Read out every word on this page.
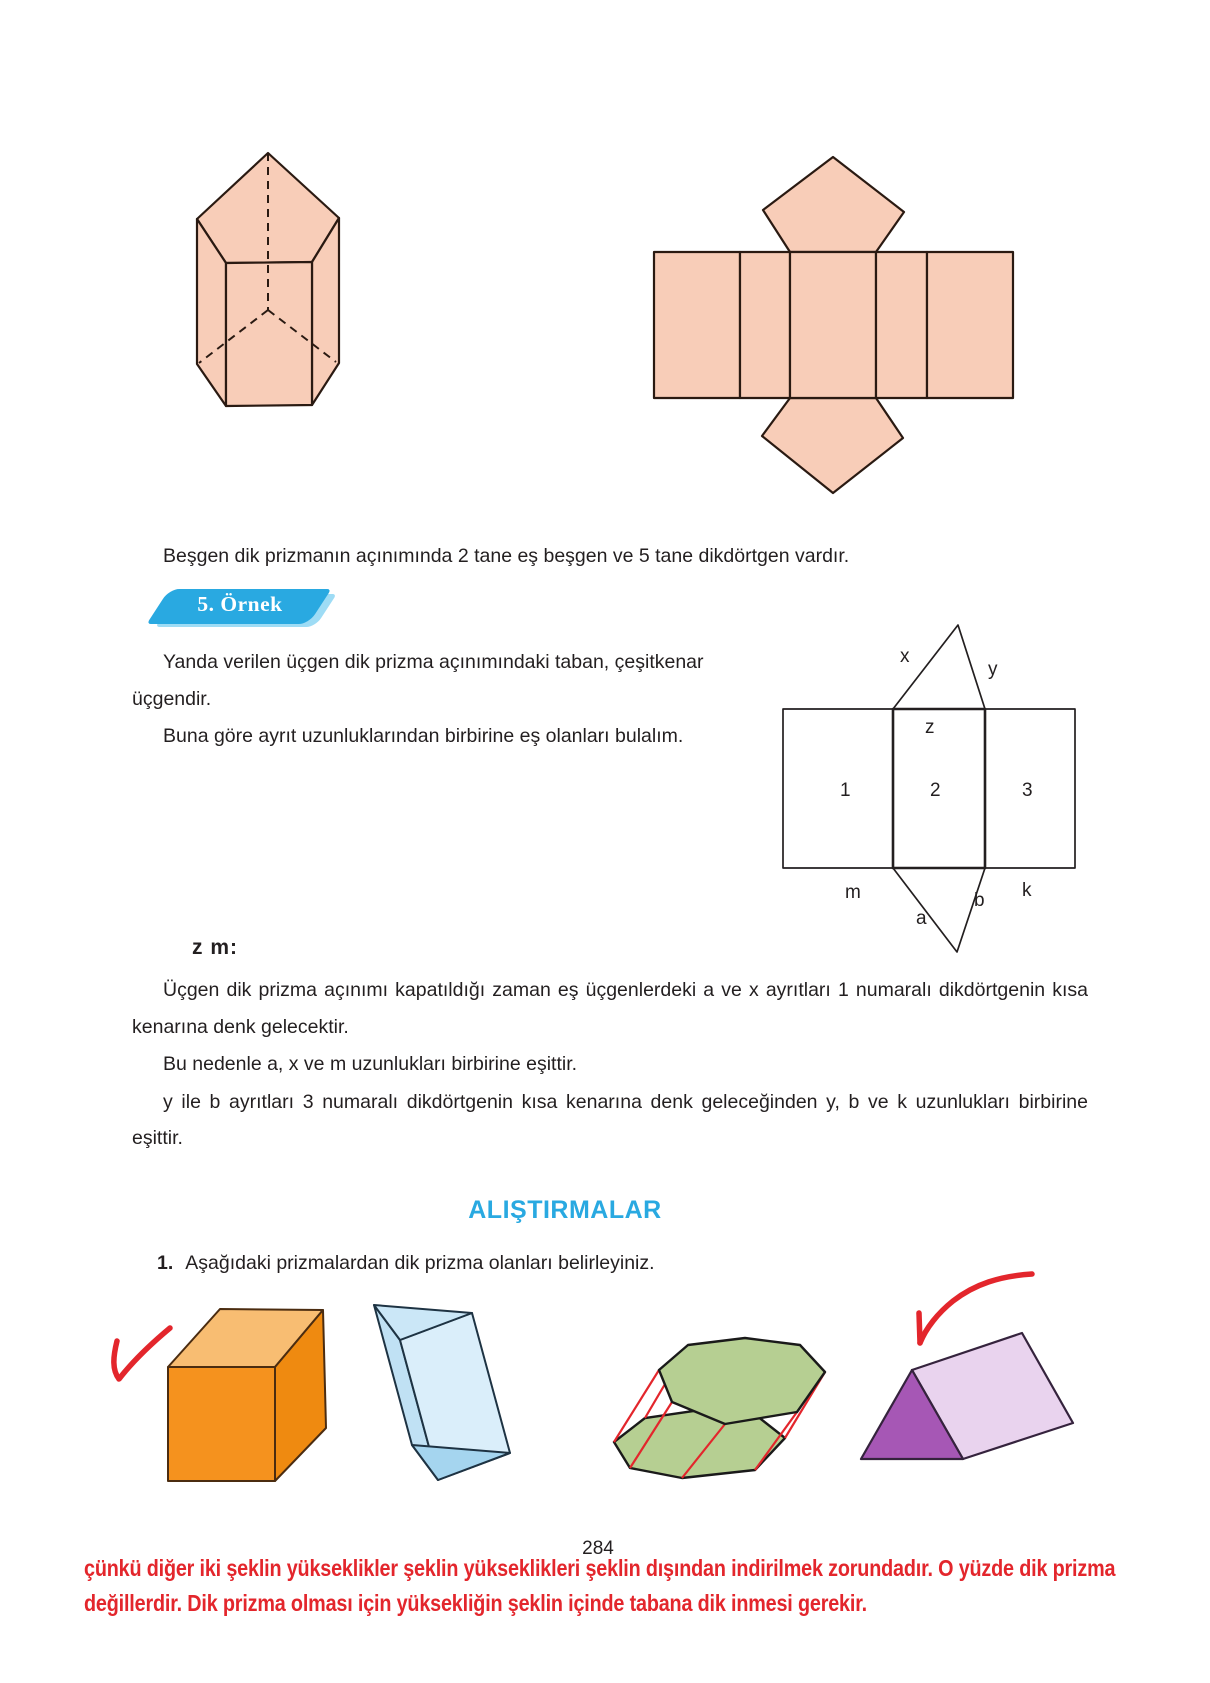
Beşgen dik prizmanın açınımında 2 tane eş beşgen ve 5 tane dikdörtgen vardır.

5. Örnek

Yanda verilen üçgen dik prizma açınımındaki taban, çeşitkenar üçgendir.

Buna göre ayrıt uzunluklarından birbirine eş olanları bulalım.

x
y
z
1	2	3
m	k
b
a
z m:

Üçgen dik prizma açınımı kapatıldığı zaman eş üçgenlerdeki a ve x ayrıtları 1 numaralı dikdörtgenin kısa kenarına denk gelecektir.

Bu nedenle a, x ve m uzunlukları birbirine eşittir.

y ile b ayrıtları 3 numaralı dikdörtgenin kısa kenarına denk geleceğinden y, b ve k uzunlukları birbirine eşittir.

ALIŞTIRMALAR
1. Aşağıdaki prizmalardan dik prizma olanları belirleyiniz.
284
çünkü diğer iki şeklin yükseklikler şeklin yükseklikleri şeklin dışından indirilmek zorundadır. O yüzde dik prizma
değillerdir. Dik prizma olması için yüksekliğin şeklin içinde tabana dik inmesi gerekir.
